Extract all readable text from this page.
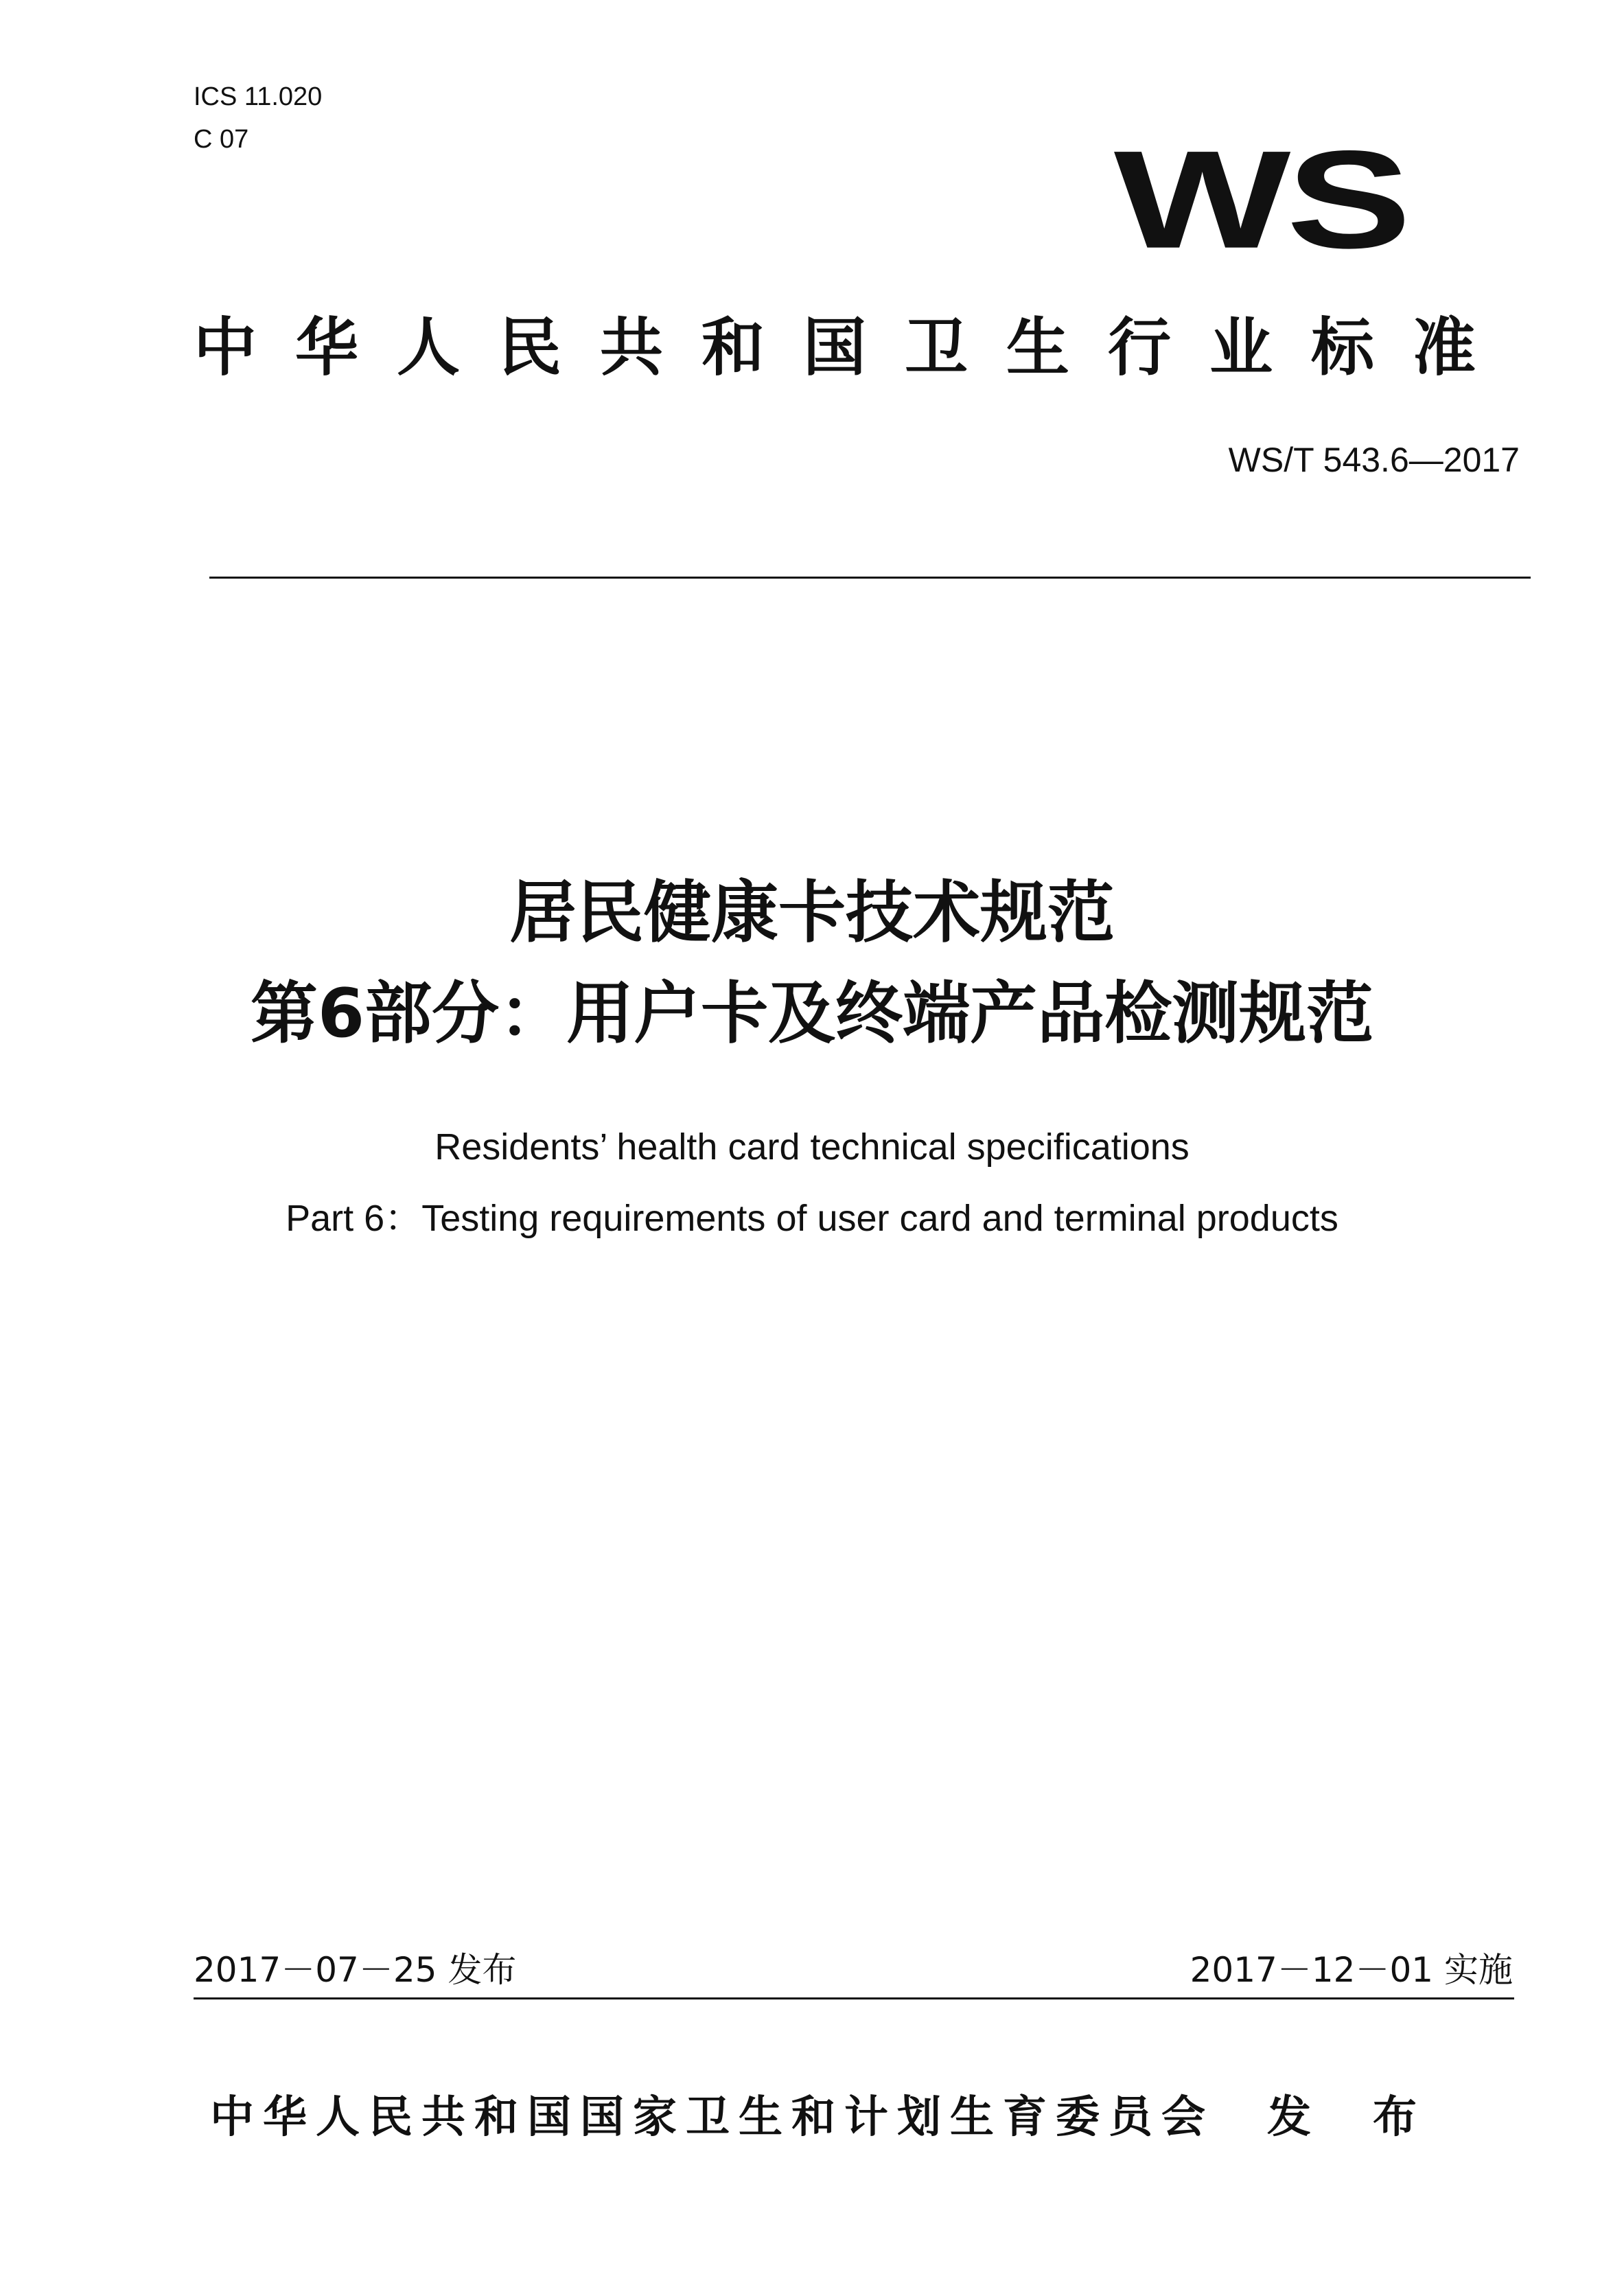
ICS 11.020

C 07	WS
中华人民共和国卫生行业标准

WS/T 543.6—2017

居民健康卡技术规范
第6部分：用户卡及终端产品检测规范

Residents’ health card technical specifications

Part 6：Testing requirements of user card and terminal products

2017－07－25 发布	2017－12－01 实施

中华人民共和国国家卫生和计划生育委员会　发　布
